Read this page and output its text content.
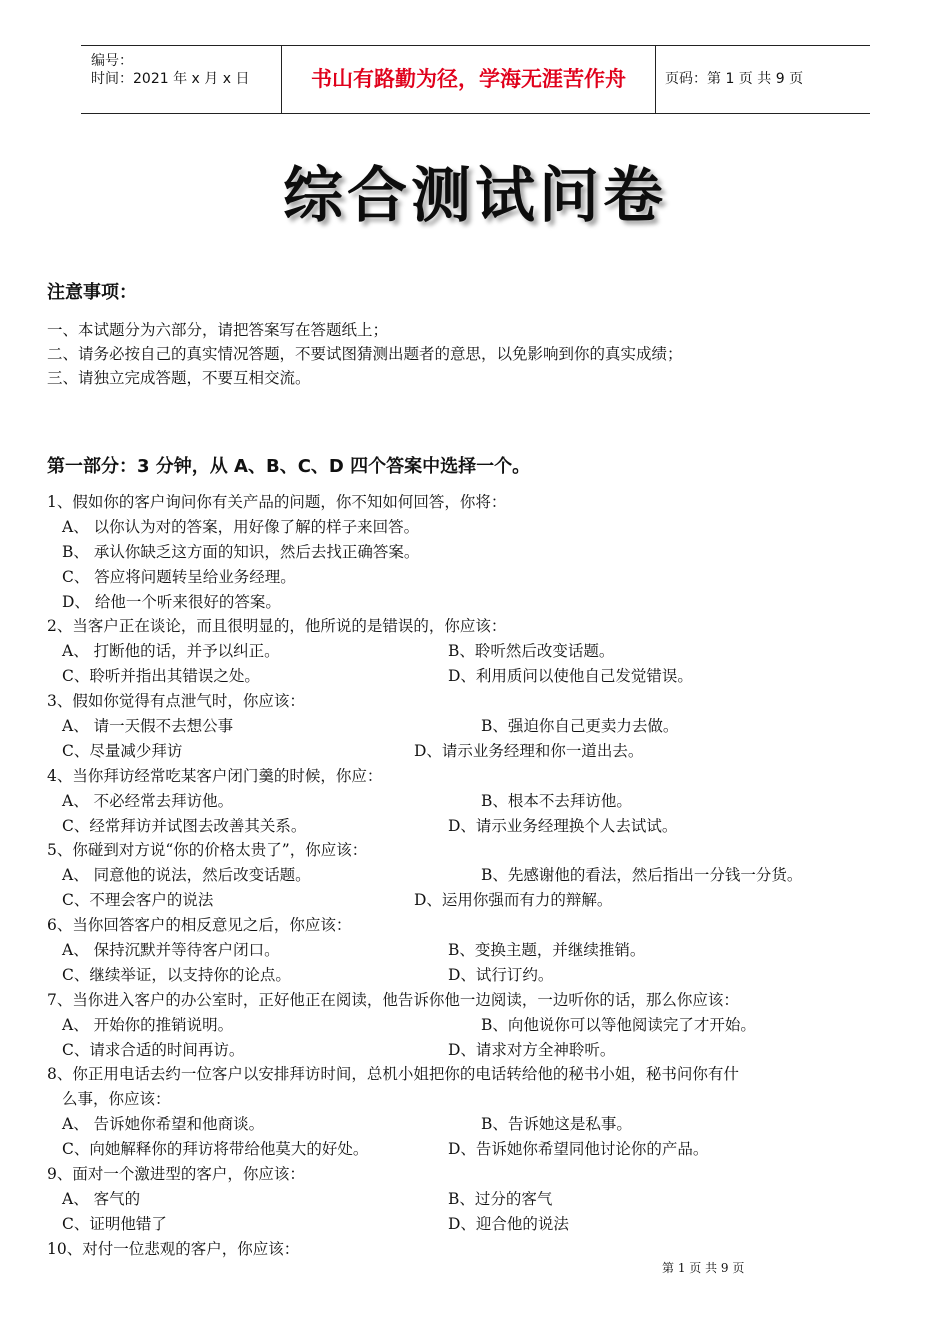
编号：
时间：2021 年 x 月 x 日	书山有路勤为径，学海无涯苦作舟	页码：第 1 页 共 9 页
综合测试问卷
注意事项：
一、本试题分为六部分，请把答案写在答题纸上；
二、请务必按自己的真实情况答题，不要试图猜测出题者的意思，以免影响到你的真实成绩；
三、请独立完成答题，不要互相交流。
第一部分：3 分钟，从 A、B、C、D 四个答案中选择一个。
1、假如你的客户询问你有关产品的问题，你不知如何回答，你将：
A、 以你认为对的答案，用好像了解的样子来回答。
B、 承认你缺乏这方面的知识，然后去找正确答案。
C、 答应将问题转呈给业务经理。
D、 给他一个听来很好的答案。
2、当客户正在谈论，而且很明显的，他所说的是错误的，你应该：
A、 打断他的话，并予以纠正。	B、聆听然后改变话题。
C、聆听并指出其错误之处。	D、利用质问以使他自己发觉错误。
3、假如你觉得有点泄气时，你应该：
A、 请一天假不去想公事	B、强迫你自己更卖力去做。
C、尽量减少拜访	D、请示业务经理和你一道出去。
4、当你拜访经常吃某客户闭门羹的时候，你应：
A、 不必经常去拜访他。	B、根本不去拜访他。
C、经常拜访并试图去改善其关系。	D、请示业务经理换个人去试试。
5、你碰到对方说“你的价格太贵了”，你应该：
A、 同意他的说法，然后改变话题。	B、先感谢他的看法，然后指出一分钱一分货。
C、不理会客户的说法	D、运用你强而有力的辩解。
6、当你回答客户的相反意见之后，你应该：
A、 保持沉默并等待客户闭口。	B、变换主题，并继续推销。
C、继续举证，以支持你的论点。	D、试行订约。
7、当你进入客户的办公室时，正好他正在阅读，他告诉你他一边阅读，一边听你的话，那么你应该：
A、 开始你的推销说明。	B、向他说你可以等他阅读完了才开始。
C、请求合适的时间再访。	D、请求对方全神聆听。
8、你正用电话去约一位客户以安排拜访时间，总机小姐把你的电话转给他的秘书小姐，秘书问你有什
么事，你应该：
A、 告诉她你希望和他商谈。	B、告诉她这是私事。
C、向她解释你的拜访将带给他莫大的好处。	D、告诉她你希望同他讨论你的产品。
9、面对一个激进型的客户，你应该：
A、 客气的	B、过分的客气
C、证明他错了	D、迎合他的说法
10、对付一位悲观的客户，你应该：
第 1 页 共 9 页
